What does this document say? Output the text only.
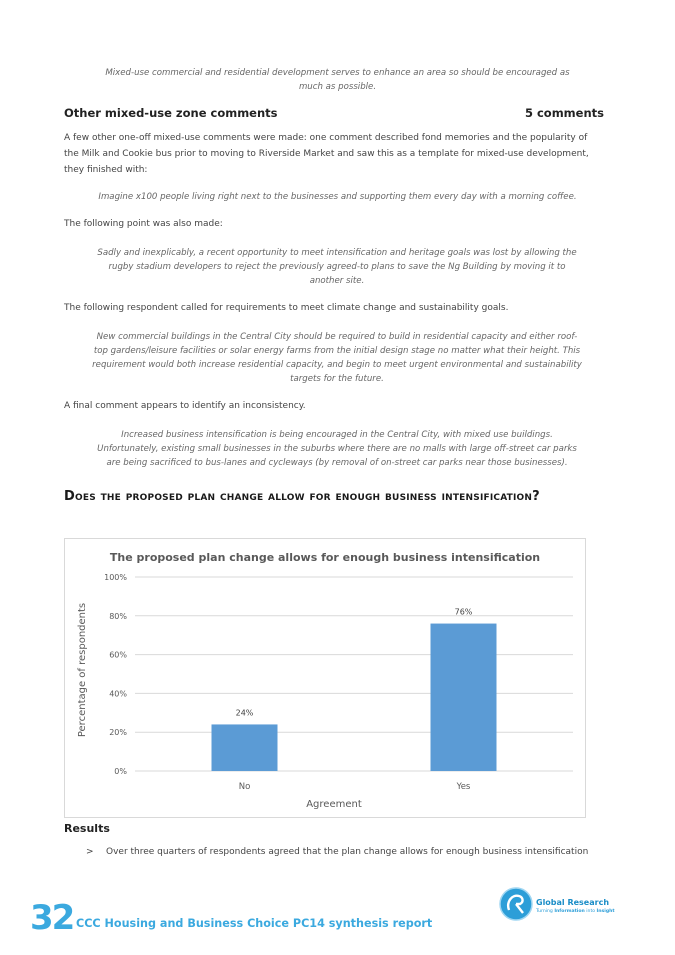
Mixed-use commercial and residential development serves to enhance an area so should be encouraged as much as possible.
Other mixed-use zone comments	5 comments
A few other one-off mixed-use comments were made: one comment described fond memories and the popularity of the Milk and Cookie bus prior to moving to Riverside Market and saw this as a template for mixed-use development, they finished with:
Imagine x100 people living right next to the businesses and supporting them every day with a morning coffee.
The following point was also made:
Sadly and inexplicably, a recent opportunity to meet intensification and heritage goals was lost by allowing the rugby stadium developers to reject the previously agreed-to plans to save the Ng Building by moving it to another site.
The following respondent called for requirements to meet climate change and sustainability goals.
New commercial buildings in the Central City should be required to build in residential capacity and either roof-top gardens/leisure facilities or solar energy farms from the initial design stage no matter what their height. This requirement would both increase residential capacity, and begin to meet urgent environmental and sustainability targets for the future.
A final comment appears to identify an inconsistency.
Increased business intensification is being encouraged in the Central City, with mixed use buildings. Unfortunately, existing small businesses in the suburbs where there are no malls with large off-street car parks are being sacrificed to bus-lanes and cycleways (by removal of on-street car parks near those businesses).
Does the proposed plan change allow for enough business intensification?
The proposed plan change allows for enough business intensification
0%
20%
40%
60%
80%
100%
24%
76%
No	Yes
Agreement
Percentage of respondents
Results
> Over three quarters of respondents agreed that the plan change allows for enough business intensification
32 CCC Housing and Business Choice PC14 synthesis report
Global Research
Turning Information into Insight
